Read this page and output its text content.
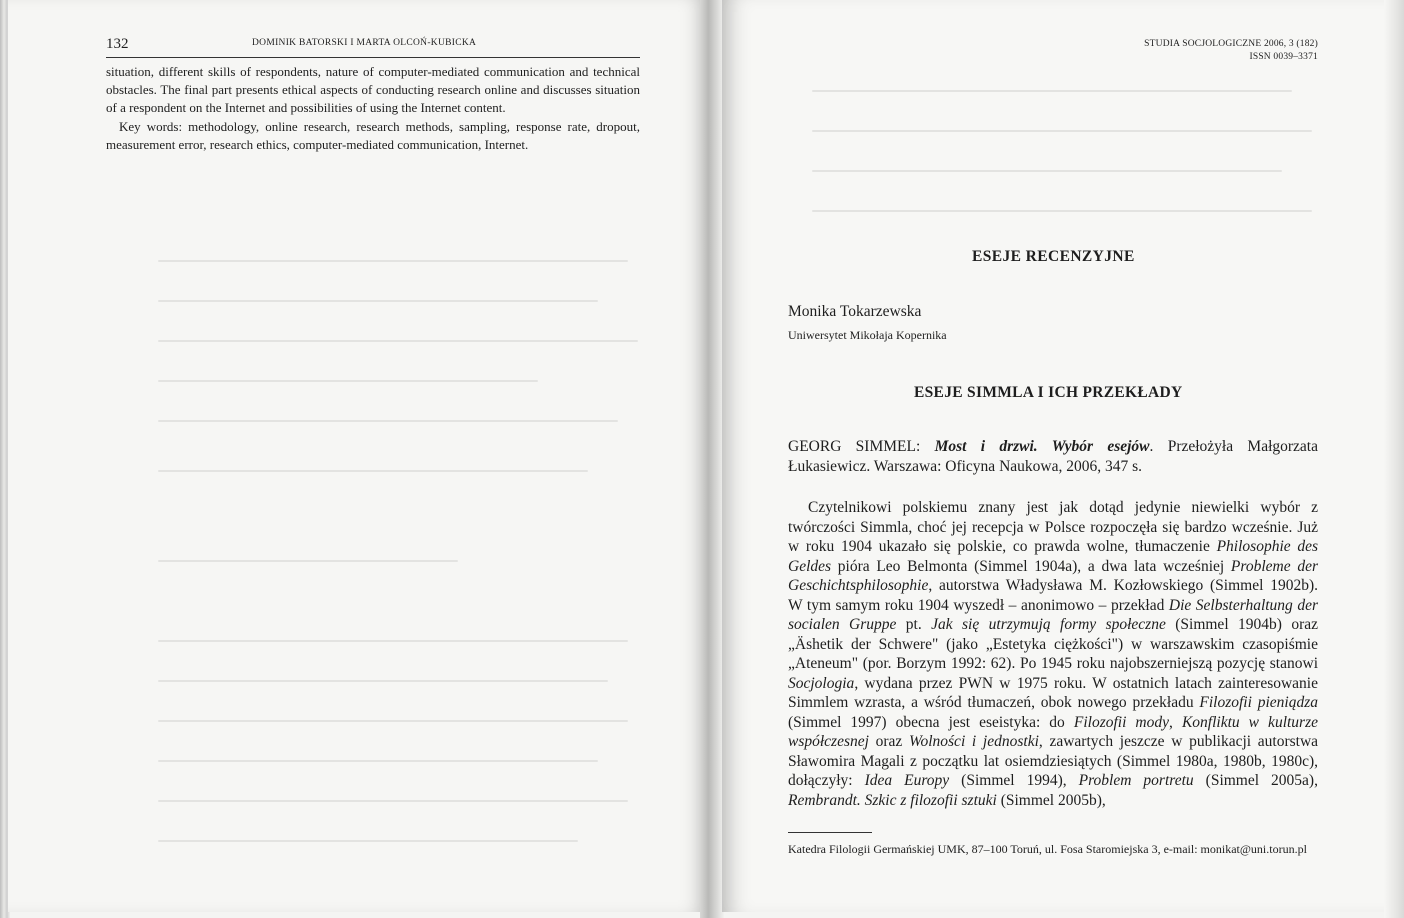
132	DOMINIK BATORSKI I MARTA OLCOŃ-KUBICKA

situation, different skills of respondents, nature of computer-mediated communication and technical obstacles. The final part presents ethical aspects of conducting research online and discusses situation of a respondent on the Internet and possibilities of using the Internet content.

Key words: methodology, online research, research methods, sampling, response rate, dropout, measurement error, research ethics, computer-mediated communication, Internet.

STUDIA SOCJOLOGICZNE 2006, 3 (182)
ISSN 0039–3371
ESEJE RECENZYJNE
Monika Tokarzewska
Uniwersytet Mikołaja Kopernika
ESEJE SIMMLA I ICH PRZEKŁADY
GEORG SIMMEL: Most i drzwi. Wybór esejów. Przełożyła Małgorzata Łukasiewicz. Warszawa: Oficyna Naukowa, 2006, 347 s.

Czytelnikowi polskiemu znany jest jak dotąd jedynie niewielki wybór z twórczości Simmla, choć jej recepcja w Polsce rozpoczęła się bardzo wcześnie. Już w roku 1904 ukazało się polskie, co prawda wolne, tłumaczenie Philosophie des Geldes pióra Leo Belmonta (Simmel 1904a), a dwa lata wcześniej Probleme der Geschichtsphilosophie, autorstwa Władysława M. Kozłowskiego (Simmel 1902b). W tym samym roku 1904 wyszedł – anonimowo – przekład Die Selbsterhaltung der socialen Gruppe pt. Jak się utrzymują formy społeczne (Simmel 1904b) oraz „Äshetik der Schwere" (jako „Estetyka ciężkości") w warszawskim czasopiśmie „Ateneum" (por. Borzym 1992: 62). Po 1945 roku najobszerniejszą pozycję stanowi Socjologia, wydana przez PWN w 1975 roku. W ostatnich latach zainteresowanie Simmlem wzrasta, a wśród tłumaczeń, obok nowego przekładu Filozofii pieniądza (Simmel 1997) obecna jest eseistyka: do Filozofii mody, Konfliktu w kulturze współczesnej oraz Wolności i jednostki, zawartych jeszcze w publikacji autorstwa Sławomira Magali z początku lat osiemdziesiątych (Simmel 1980a, 1980b, 1980c), dołączyły: Idea Europy (Simmel 1994), Problem portretu (Simmel 2005a), Rembrandt. Szkic z filozofii sztuki (Simmel 2005b),

Katedra Filologii Germańskiej UMK, 87–100 Toruń, ul. Fosa Staromiejska 3, e-mail: monikat@uni.torun.pl
